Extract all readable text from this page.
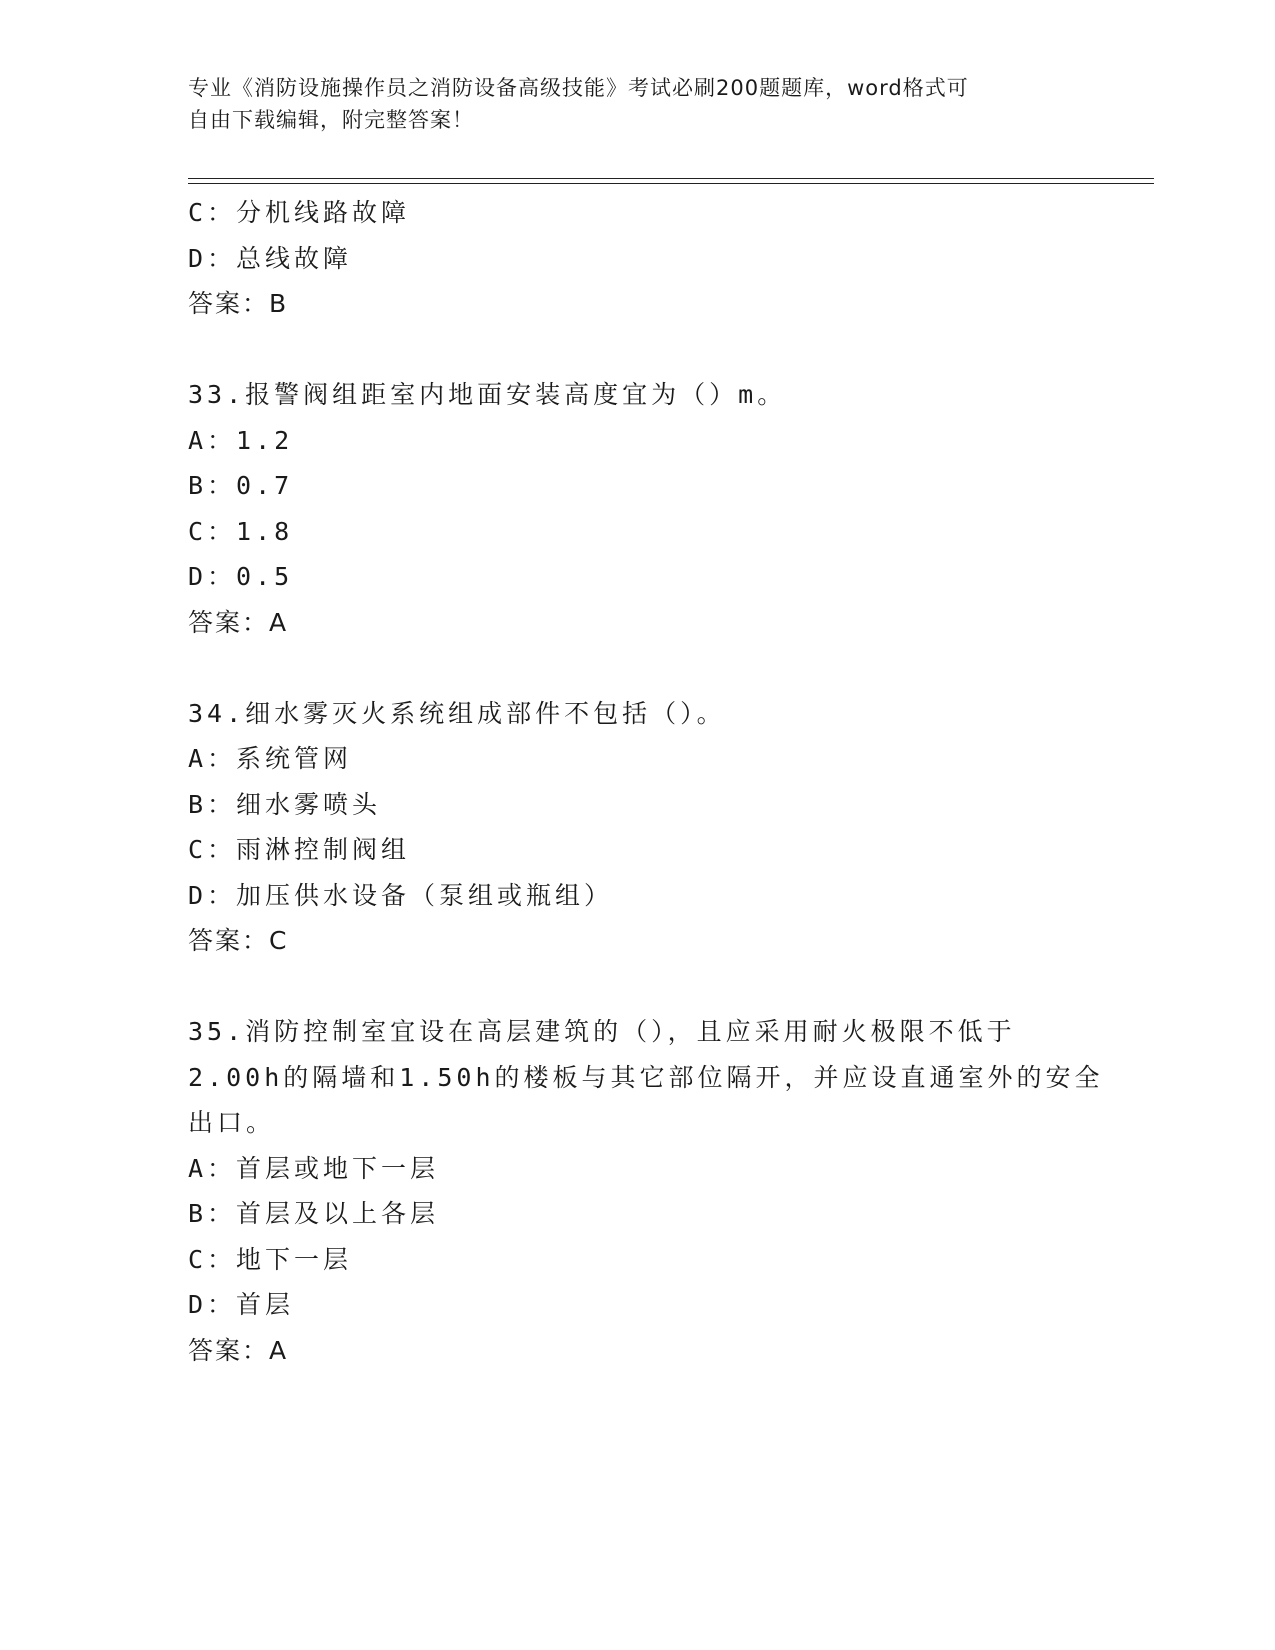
专业《消防设施操作员之消防设备高级技能》考试必刷200题题库，word格式可
自由下载编辑，附完整答案！
C：分机线路故障
D：总线故障
答案：B
33.报警阀组距室内地面安装高度宜为（）m。
A：1.2
B：0.7
C：1.8
D：0.5
答案：A
34.细水雾灭火系统组成部件不包括（）。
A：系统管网
B：细水雾喷头
C：雨淋控制阀组
D：加压供水设备（泵组或瓶组）
答案：C
35.消防控制室宜设在高层建筑的（），且应采用耐火极限不低于
2.00h的隔墙和1.50h的楼板与其它部位隔开，并应设直通室外的安全
出口。
A：首层或地下一层
B：首层及以上各层
C：地下一层
D：首层
答案：A
